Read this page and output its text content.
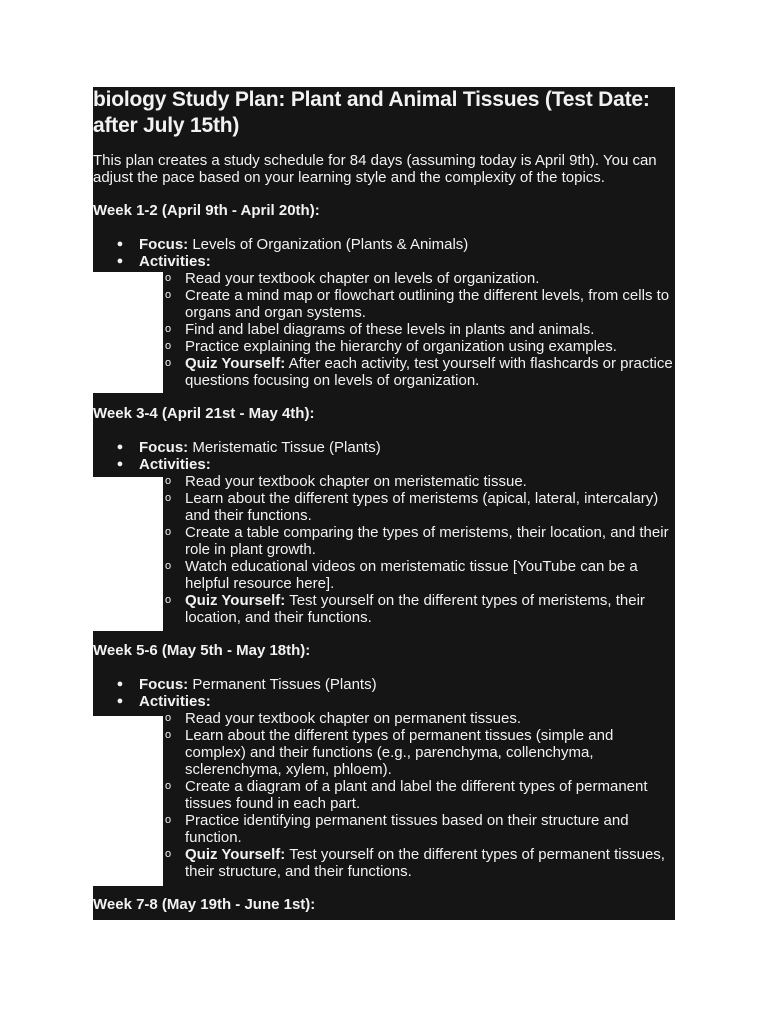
biology Study Plan: Plant and Animal Tissues (Test Date: after July 15th)

This plan creates a study schedule for 84 days (assuming today is April 9th). You can adjust the pace based on your learning style and the complexity of the topics.

Week 1-2 (April 9th - April 20th):

● Focus: Levels of Organization (Plants & Animals)
● Activities:
o Read your textbook chapter on levels of organization.
o Create a mind map or flowchart outlining the different levels, from cells to organs and organ systems.
o Find and label diagrams of these levels in plants and animals.
o Practice explaining the hierarchy of organization using examples.
o Quiz Yourself: After each activity, test yourself with flashcards or practice questions focusing on levels of organization.

Week 3-4 (April 21st - May 4th):

● Focus: Meristematic Tissue (Plants)
● Activities:
o Read your textbook chapter on meristematic tissue.
o Learn about the different types of meristems (apical, lateral, intercalary) and their functions.
o Create a table comparing the types of meristems, their location, and their role in plant growth.
o Watch educational videos on meristematic tissue [YouTube can be a helpful resource here].
o Quiz Yourself: Test yourself on the different types of meristems, their location, and their functions.

Week 5-6 (May 5th - May 18th):

● Focus: Permanent Tissues (Plants)
● Activities:
o Read your textbook chapter on permanent tissues.
o Learn about the different types of permanent tissues (simple and complex) and their functions (e.g., parenchyma, collenchyma, sclerenchyma, xylem, phloem).
o Create a diagram of a plant and label the different types of permanent tissues found in each part.
o Practice identifying permanent tissues based on their structure and function.
o Quiz Yourself: Test yourself on the different types of permanent tissues, their structure, and their functions.

Week 7-8 (May 19th - June 1st):
